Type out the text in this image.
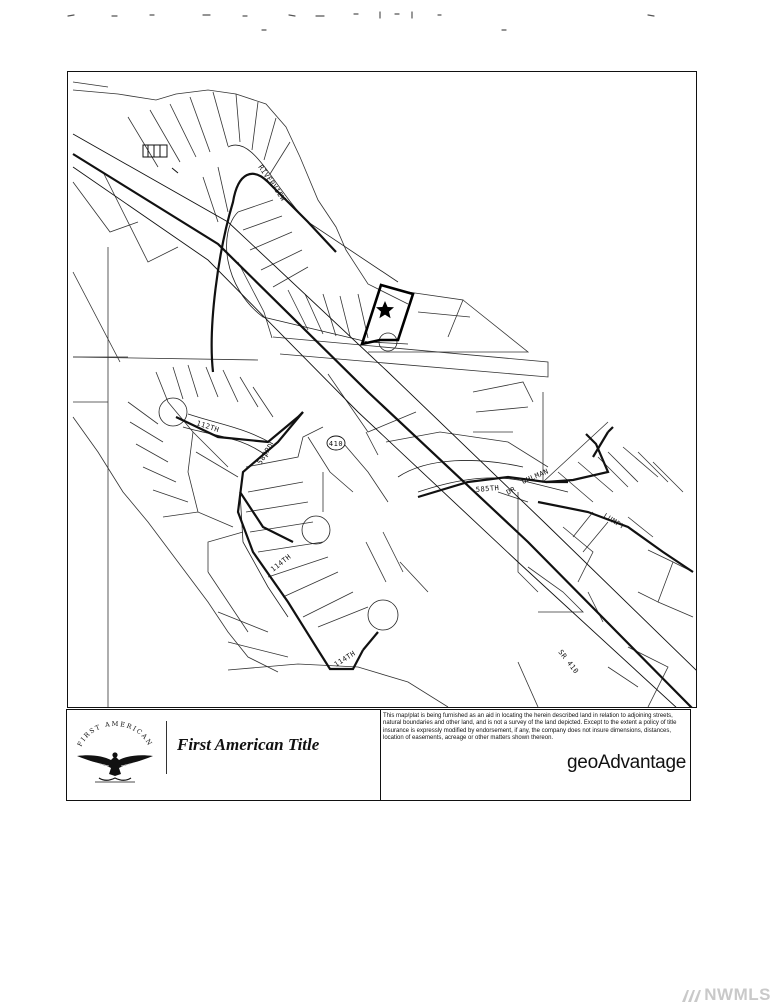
410
RIVERVIEW
112TH
583RD
114TH
114TH
585TH DR
UHLMAN
LUMPY
SR 410
FIRST AMERICAN First American Title
This map/plat is being furnished as an aid in locating the herein described land in relation to adjoining streets, natural boundaries and other land, and is not a survey of the land depicted. Except to the extent a policy of title insurance is expressly modified by endorsement, if any, the company does not insure dimensions, distances, location of easements, acreage or other matters shown thereon.
geoAdvantage
NWMLS
